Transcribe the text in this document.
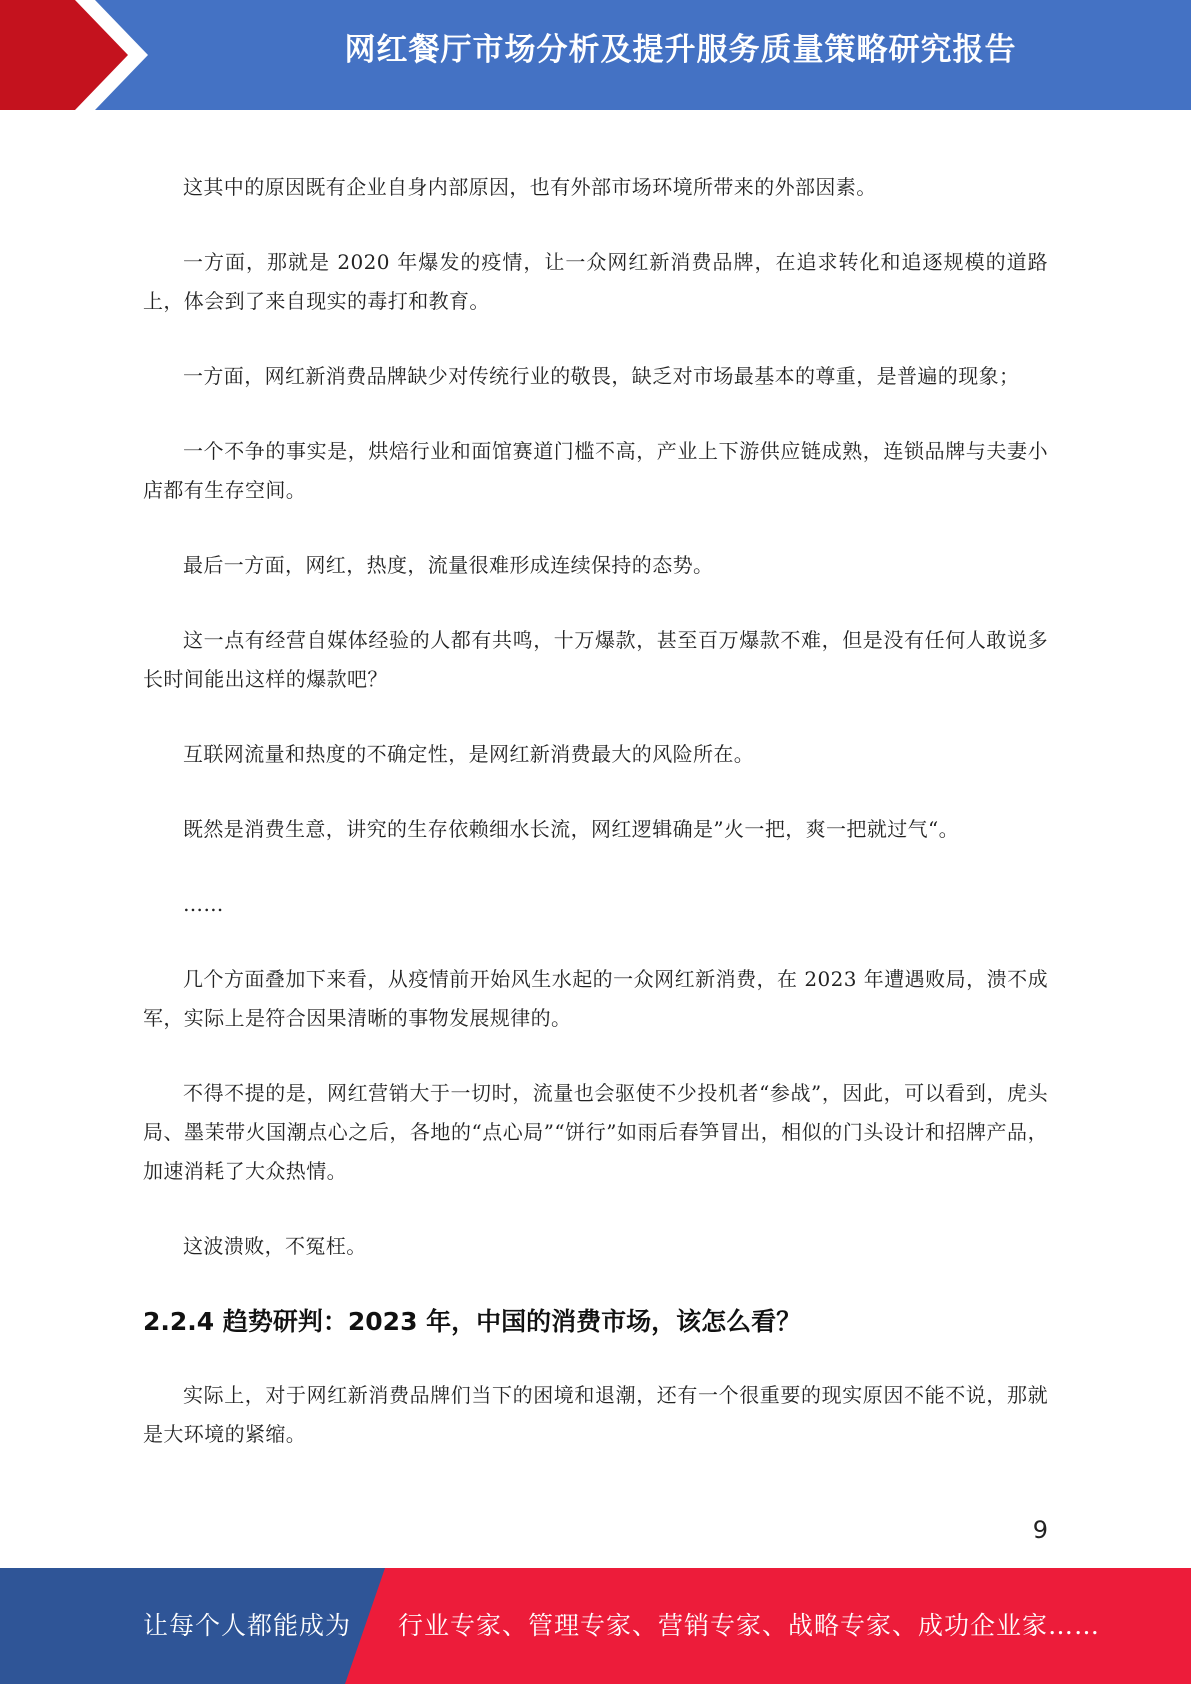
网红餐厅市场分析及提升服务质量策略研究报告

这其中的原因既有企业自身内部原因，也有外部市场环境所带来的外部因素。

一方面，那就是 2020 年爆发的疫情，让一众网红新消费品牌，在追求转化和追逐规模的道路上，体会到了来自现实的毒打和教育。

一方面，网红新消费品牌缺少对传统行业的敬畏，缺乏对市场最基本的尊重，是普遍的现象；

一个不争的事实是，烘焙行业和面馆赛道门槛不高，产业上下游供应链成熟，连锁品牌与夫妻小店都有生存空间。

最后一方面，网红，热度，流量很难形成连续保持的态势。

这一点有经营自媒体经验的人都有共鸣，十万爆款，甚至百万爆款不难，但是没有任何人敢说多长时间能出这样的爆款吧？

互联网流量和热度的不确定性，是网红新消费最大的风险所在。

既然是消费生意，讲究的生存依赖细水长流，网红逻辑确是”火一把，爽一把就过气“。

……

几个方面叠加下来看，从疫情前开始风生水起的一众网红新消费，在 2023 年遭遇败局，溃不成军，实际上是符合因果清晰的事物发展规律的。

不得不提的是，网红营销大于一切时，流量也会驱使不少投机者“参战”，因此，可以看到，虎头局、墨茉带火国潮点心之后，各地的“点心局”“饼行”如雨后春笋冒出，相似的门头设计和招牌产品，加速消耗了大众热情。

这波溃败，不冤枉。

2.2.4 趋势研判：2023 年，中国的消费市场，该怎么看？

实际上，对于网红新消费品牌们当下的困境和退潮，还有一个很重要的现实原因不能不说，那就是大环境的紧缩。

9
让每个人都能成为 行业专家、管理专家、营销专家、战略专家、成功企业家……
